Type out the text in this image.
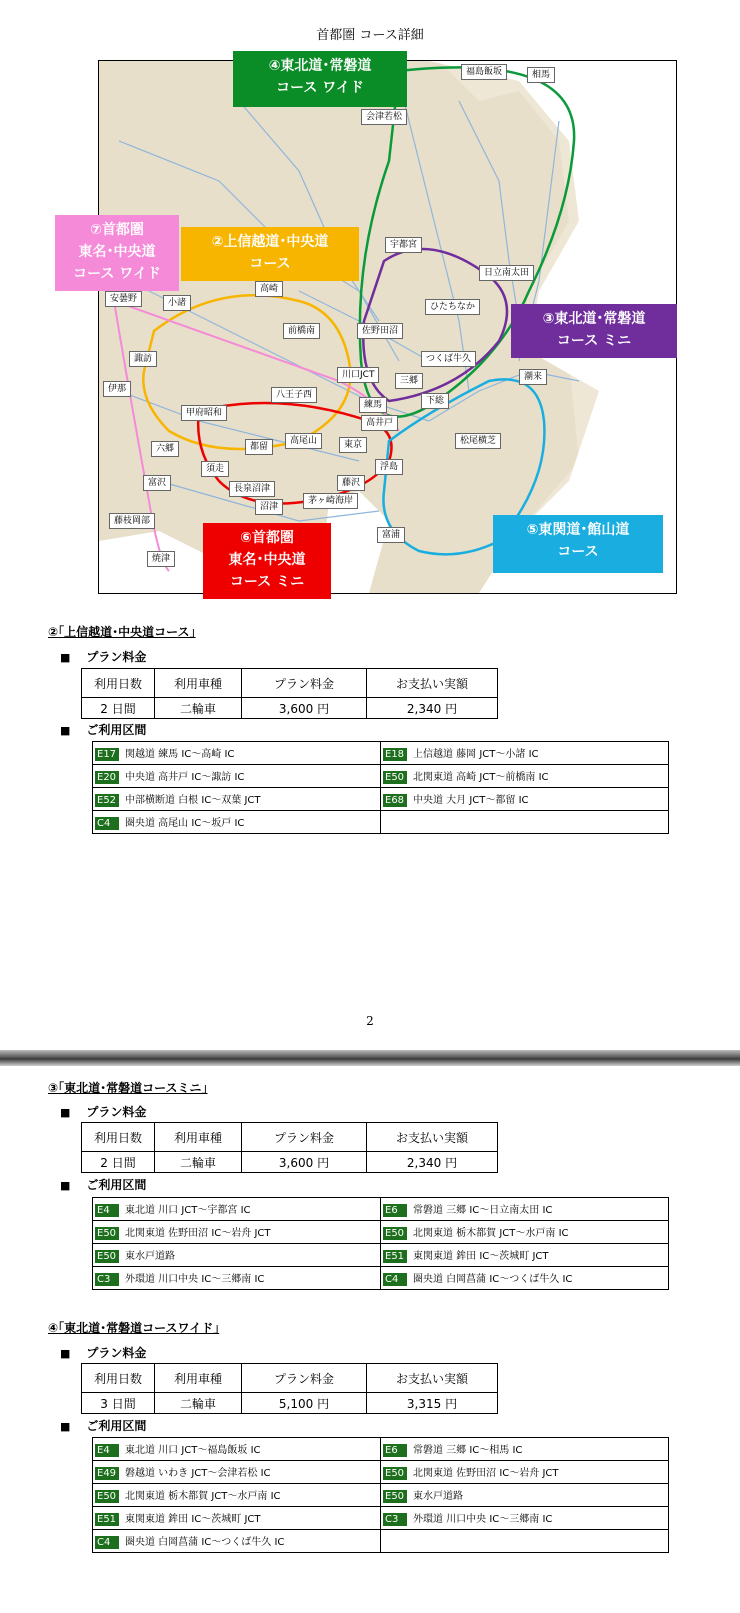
首都圏 コース詳細
福島飯坂	相馬
会津若松
宇都宮
日立南太田
ひたちなか
安曇野	小諸
高崎
前橋南	佐野田沼
諏訪	つくば牛久
伊那
川口JCT
三郷	潮来
八王子西
下総
甲府昭和
練馬
高井戸
六郷	都留
高尾山	東京	松尾横芝
須走	浮島
富沢
長泉沼津
藤沢
沼津
茅ヶ崎海岸
藤枝岡部
富浦
焼津
④東北道･常磐道
コース ワイド
⑦首都圏
東名･中央道
コース ワイド
②上信越道･中央道
コース
③東北道･常磐道
コース ミニ
⑤東関道･館山道
コース
⑥首都圏
東名･中央道
コース ミニ
②｢上信越道･中央道コース｣
■ プラン料金
利用日数	利用車種	プラン料金	お支払い実額
2 日間	二輪車	3,600 円	2,340 円
■ ご利用区間
E17 関越道 練馬 IC～高崎 IC	E18 上信越道 藤岡 JCT～小諸 IC
E20 中央道 高井戸 IC～諏訪 IC	E50 北関東道 高崎 JCT～前橋南 IC
E52 中部横断道 白根 IC～双葉 JCT	E68 中央道 大月 JCT～都留 IC
C4 圏央道 高尾山 IC～坂戸 IC	
2
③｢東北道･常磐道コースミニ｣
■ プラン料金
利用日数	利用車種	プラン料金	お支払い実額
2 日間	二輪車	3,600 円	2,340 円
■ ご利用区間
E4 東北道 川口 JCT～宇都宮 IC	E6 常磐道 三郷 IC～日立南太田 IC
E50 北関東道 佐野田沼 IC～岩舟 JCT	E50 北関東道 栃木都賀 JCT～水戸南 IC
E50 東水戸道路	E51 東関東道 鉾田 IC～茨城町 JCT
C3 外環道 川口中央 IC～三郷南 IC	C4 圏央道 白岡菖蒲 IC～つくば牛久 IC
④｢東北道･常磐道コースワイド｣
■ プラン料金
利用日数	利用車種	プラン料金	お支払い実額
3 日間	二輪車	5,100 円	3,315 円
■ ご利用区間
E4 東北道 川口 JCT～福島飯坂 IC	E6 常磐道 三郷 IC～相馬 IC
E49 磐越道 いわき JCT～会津若松 IC	E50 北関東道 佐野田沼 IC～岩舟 JCT
E50 北関東道 栃木都賀 JCT～水戸南 IC	E50 東水戸道路
E51 東関東道 鉾田 IC～茨城町 JCT	C3 外環道 川口中央 IC～三郷南 IC
C4 圏央道 白岡菖蒲 IC～つくば牛久 IC	
